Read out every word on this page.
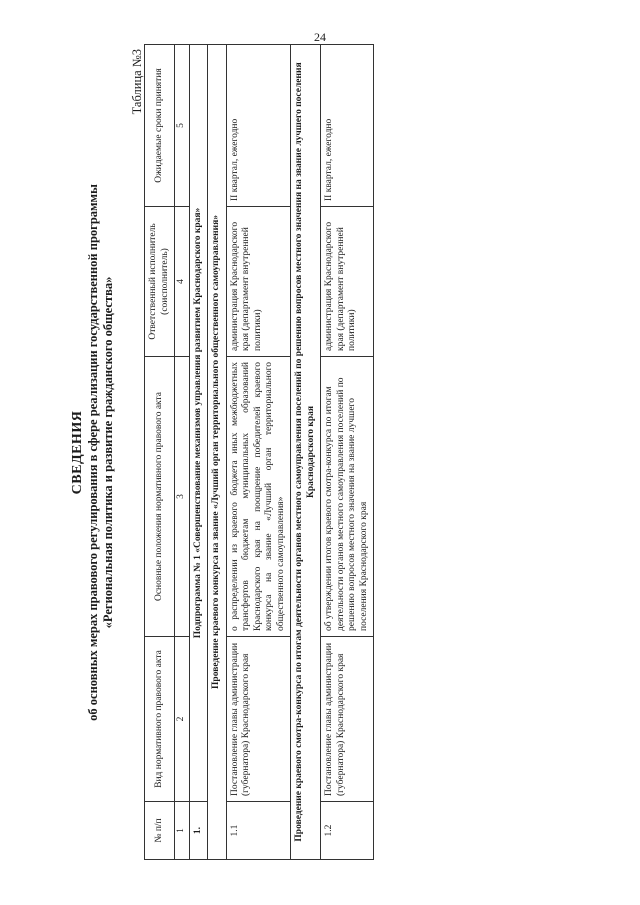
24
СВЕДЕНИЯ об основных мерах правового регулирования в сфере реализации государственной программы «Региональная политика и развитие гражданского общества»
Таблица №3
№ п/п	Вид нормативного правового акта	Основные положения нормативного правового акта	Ответственный исполнитель (соисполнитель)	Ожидаемые сроки принятия
1	2	3	4	5
1.	Подпрограмма № 1 «Совершенствование механизмов управления развитием Краснодарского края»			
Проведение краевого конкурса на звание «Лучший орган территориального общественного самоуправления»				
1.1	Постановление главы администрации (губернатора) Краснодарского края	о распределении из краевого бюджета иных межбюджетных трансфертов бюджетам муниципальных образований Краснодарского края на поощрение победителей краевого конкурса на звание «Лучший орган территориального общественного самоуправления»	администрация Краснодарского края (департамент внутренней политики)	II квартал, ежегодно
Проведение краевого смотра-конкурса по итогам деятельности органов местного самоуправления поселений по решению вопросов местного значения на звание лучшего поселения Краснодарского края				
1.2	Постановление главы администрации (губернатора) Краснодарского края	об утверждении итогов краевого смотра-конкурса по итогам деятельности органов местного самоуправления поселений по решению вопросов местного значения на звание лучшего поселения Краснодарского края	администрация Краснодарского края (департамент внутренней политики)	II квартал, ежегодно
